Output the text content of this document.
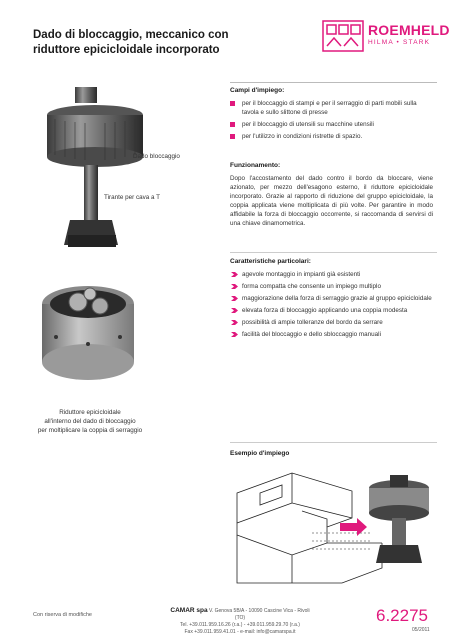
Dado di bloccaggio, meccanico con riduttore epicicloidale incorporato
ROEMHELD
HILMA • STARK
Dado bloccaggio
Tirante per cava a T
Riduttore epicicloidale
all'interno del dado di bloccaggio
per moltiplicare la coppia di serraggio
Campi d'impiego:
per il bloccaggio di stampi e per il serraggio di parti mobili sulla tavola e sullo slittone di presse
per il bloccaggio di utensili su macchine utensili
per l'utilizzo in condizioni ristrette di spazio.
Funzionamento:
Dopo l'accostamento del dado contro il bordo da bloccare, viene azionato, per mezzo dell'esagono esterno, il riduttore epicicloidale incorporato. Grazie al rapporto di riduzione del gruppo epicicloidale, la coppia applicata viene moltiplicata di più volte. Per garantire in modo affidabile la forza di bloccaggio occorrente, si raccomanda di servirsi di una chiave dinamometrica.
Caratteristiche particolari:
agevole montaggio in impianti già esistenti
forma compatta che consente un impiego multiplo
maggiorazione della forza di serraggio grazie al gruppo epicicloidale
elevata forza di bloccaggio applicando una coppia modesta
possibilità di ampie tolleranze del bordo da serrare
facilità del bloccaggio e dello sbloccaggio manuali
Esempio d'impiego
Con riserva di modifiche
CAMAR spa V. Genova 5B/A - 10090 Cascine Vica - Rivoli (TO)
Tel. +39.011.959.16.26 (r.a.) - +39.011.959.29.70 (r.a.)
Fax +39.011.959.41.01 - e-mail: info@camarspa.it
6.2275
05/2011
